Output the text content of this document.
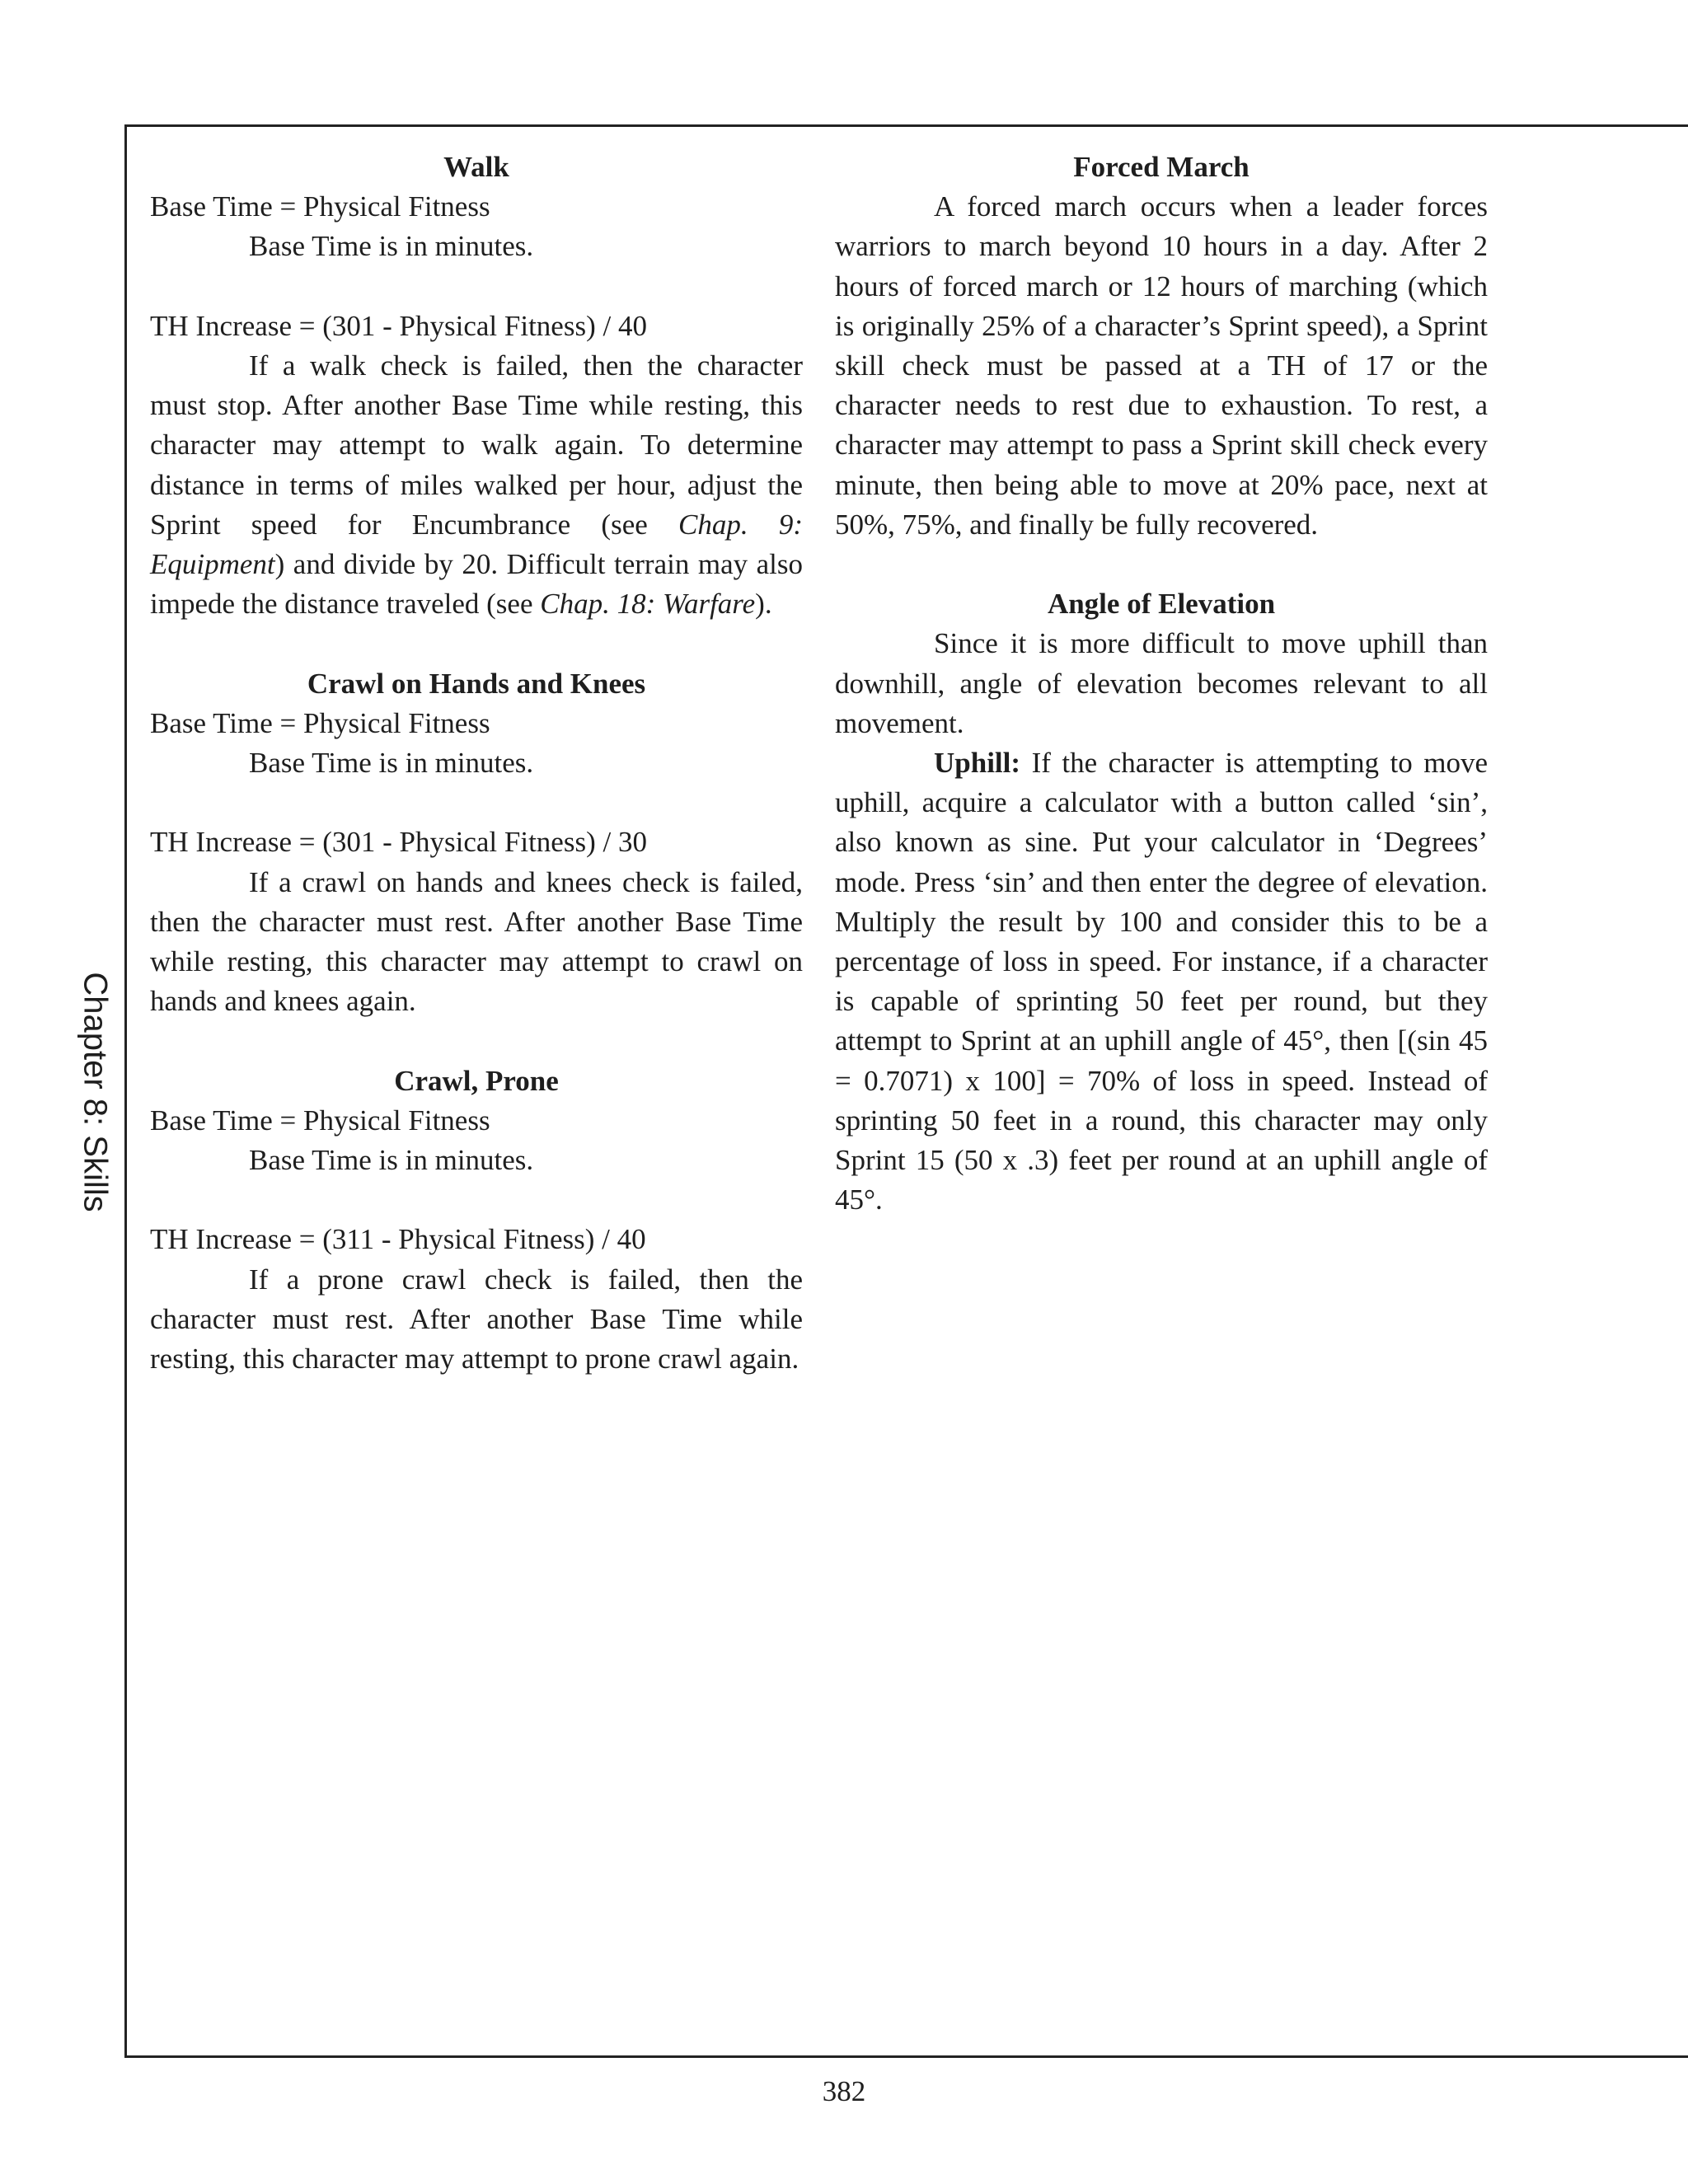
Chapter 8: Skills

Walk

Base Time = Physical Fitness

Base Time is in minutes.

TH Increase = (301 - Physical Fitness) / 40

If a walk check is failed, then the character must stop. After another Base Time while resting, this character may attempt to walk again. To determine distance in terms of miles walked per hour, adjust the Sprint speed for Encumbrance (see Chap. 9: Equipment) and divide by 20. Difficult terrain may also impede the distance traveled (see Chap. 18: Warfare).

Crawl on Hands and Knees

Base Time = Physical Fitness

Base Time is in minutes.

TH Increase = (301 - Physical Fitness) / 30

If a crawl on hands and knees check is failed, then the character must rest. After another Base Time while resting, this character may attempt to crawl on hands and knees again.

Crawl, Prone

Base Time = Physical Fitness

Base Time is in minutes.

TH Increase = (311 - Physical Fitness) / 40

If a prone crawl check is failed, then the character must rest. After another Base Time while resting, this character may attempt to prone crawl again.

Forced March

A forced march occurs when a leader forces warriors to march beyond 10 hours in a day. After 2 hours of forced march or 12 hours of marching (which is originally 25% of a character’s Sprint speed), a Sprint skill check must be passed at a TH of 17 or the character needs to rest due to exhaustion. To rest, a character may attempt to pass a Sprint skill check every minute, then being able to move at 20% pace, next at 50%, 75%, and finally be fully recovered.

Angle of Elevation

Since it is more difficult to move uphill than downhill, angle of elevation becomes relevant to all movement.

Uphill: If the character is attempting to move uphill, acquire a calculator with a button called ‘sin’, also known as sine. Put your calculator in ‘Degrees’ mode. Press ‘sin’ and then enter the degree of elevation. Multiply the result by 100 and consider this to be a percentage of loss in speed. For instance, if a character is capable of sprinting 50 feet per round, but they attempt to Sprint at an uphill angle of 45°, then [(sin 45 = 0.7071) x 100] = 70% of loss in speed. Instead of sprinting 50 feet in a round, this character may only Sprint 15 (50 x .3) feet per round at an uphill angle of 45°.

382
